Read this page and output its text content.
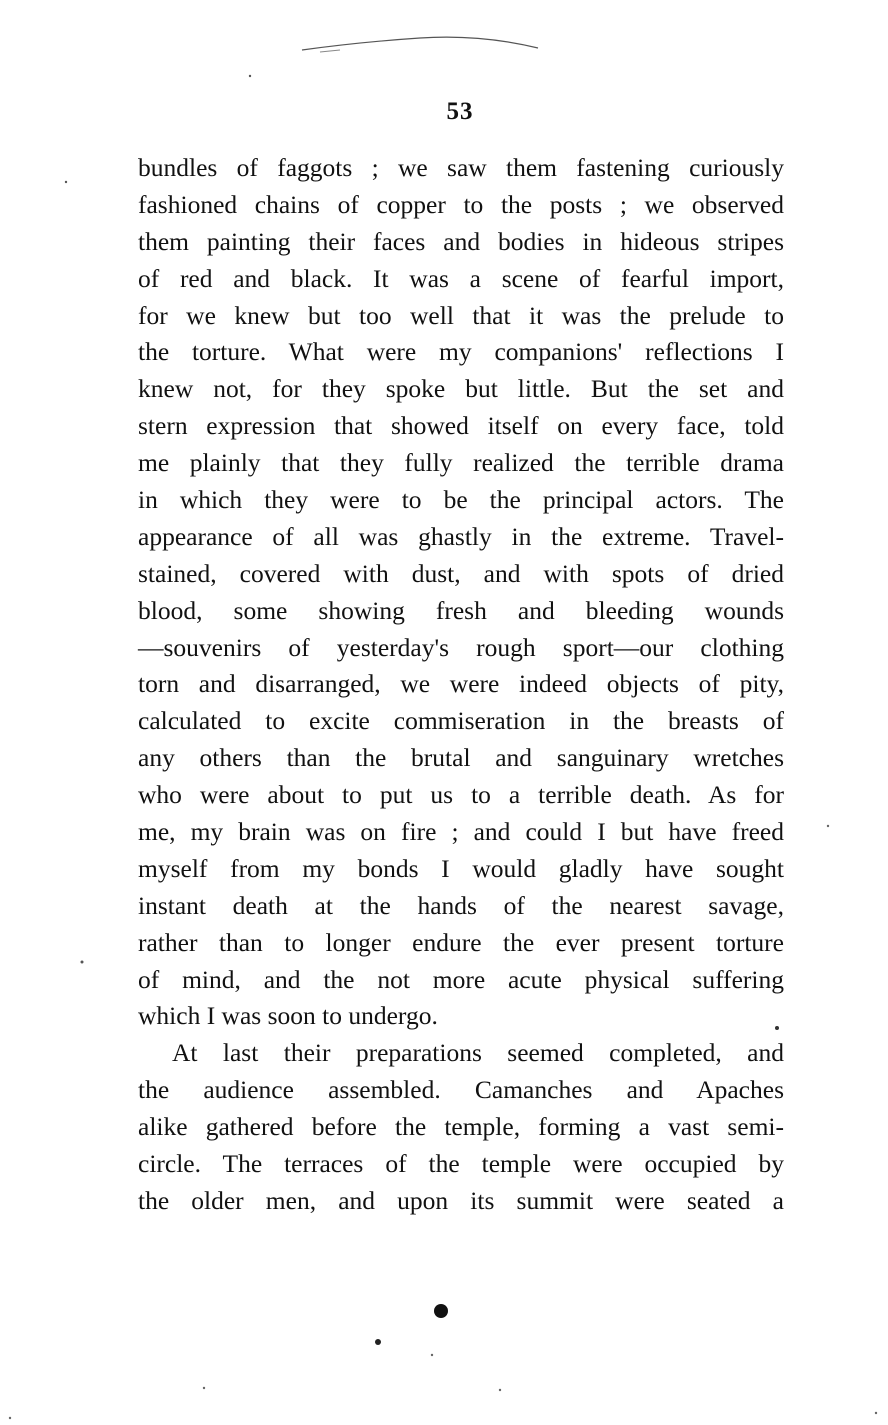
53
bundles of faggots ; we saw them fastening curiously
fashioned chains of copper to the posts ; we observed
them painting their faces and bodies in hideous stripes
of red and black. It was a scene of fearful import,
for we knew but too well that it was the prelude to
the torture. What were my companions' reflections I
knew not, for they spoke but little. But the set and
stern expression that showed itself on every face, told
me plainly that they fully realized the terrible drama
in which they were to be the principal actors. The
appearance of all was ghastly in the extreme. Travel-
stained, covered with dust, and with spots of dried
blood, some showing fresh and bleeding wounds
—souvenirs of yesterday's rough sport—our clothing
torn and disarranged, we were indeed objects of pity,
calculated to excite commiseration in the breasts of
any others than the brutal and sanguinary wretches
who were about to put us to a terrible death. As for
me, my brain was on fire ; and could I but have freed
myself from my bonds I would gladly have sought
instant death at the hands of the nearest savage,
rather than to longer endure the ever present torture
of mind, and the not more acute physical suffering
which I was soon to undergo.
At last their preparations seemed completed, and
the audience assembled. Camanches and Apaches
alike gathered before the temple, forming a vast semi-
circle. The terraces of the temple were occupied by
the older men, and upon its summit were seated a
